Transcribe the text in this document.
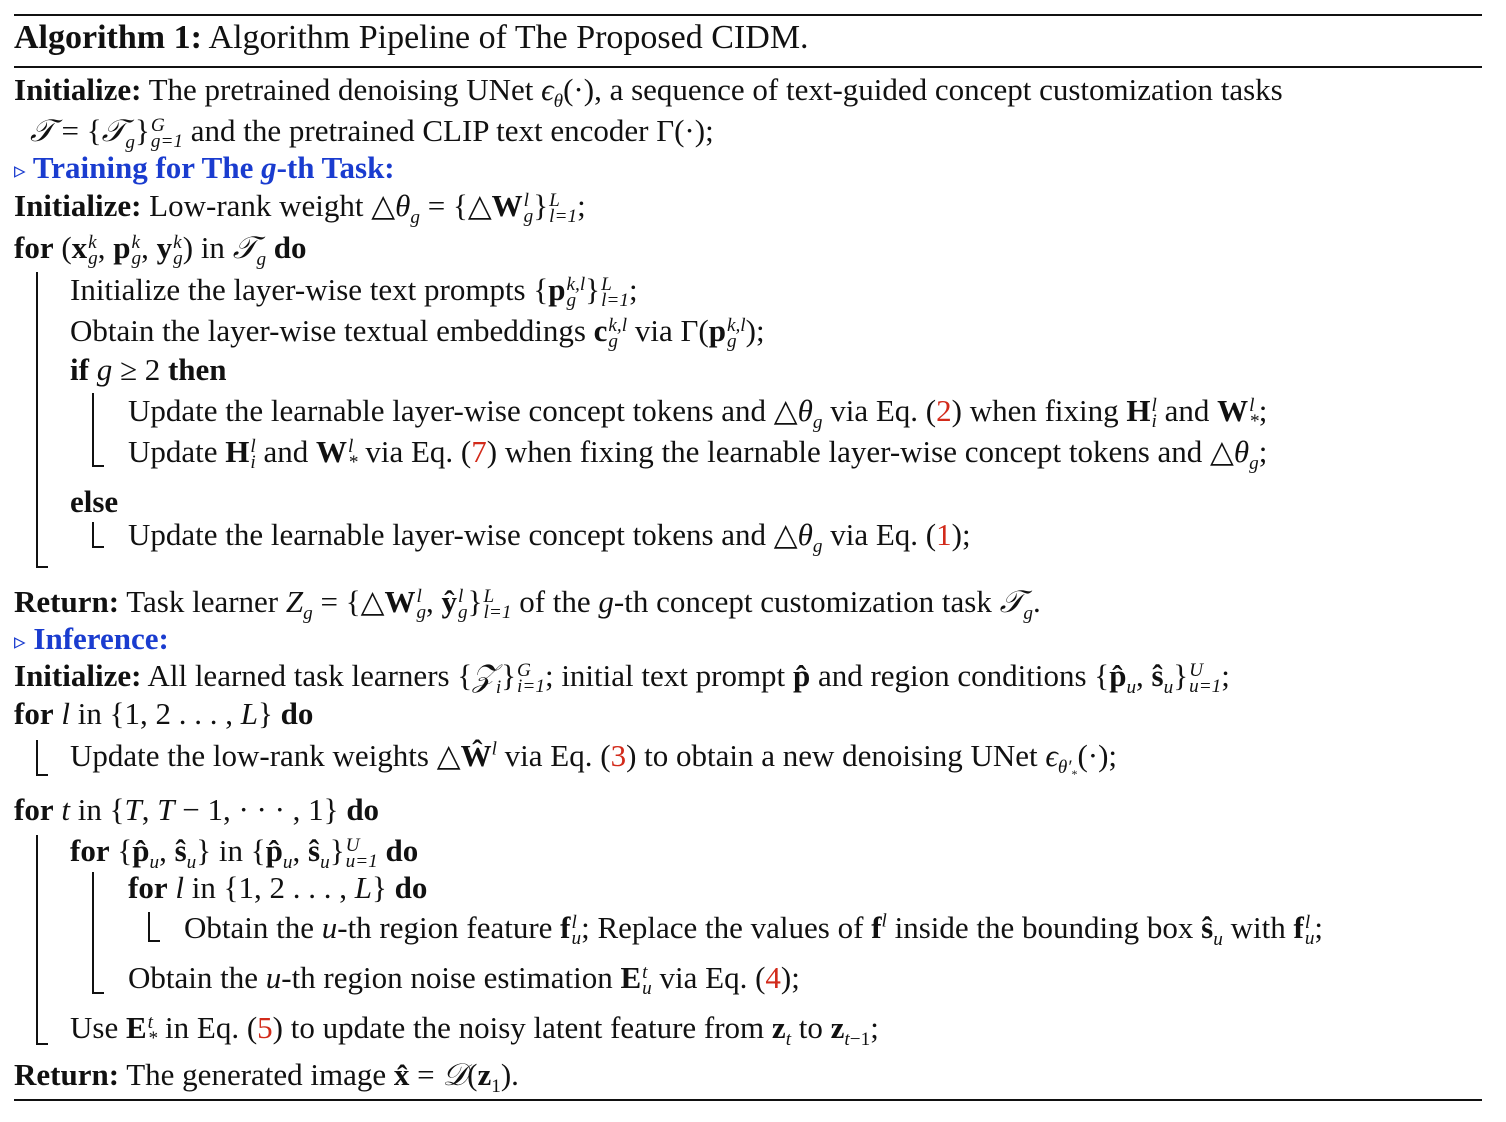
Algorithm 1: Algorithm Pipeline of The Proposed CIDM.
Initialize: The pretrained denoising UNet $\epsilon_\theta(\cdot)$, a sequence of text-guided concept customization tasks
𝒯 = {𝒯$_g$} G
g=1 and the pretrained CLIP text encoder Γ(·);
▹ Training for The g-th Task:
Initialize: Low-rank weight $\triangle\theta_g$ = {△W l
g } L
l=1 ;
for (x k
g , p k
g , y k
g ) in 𝒯$_g$ do
Initialize the layer-wise text prompts {p k,l
g } L
l=1 ;
Obtain the layer-wise textual embeddings c k,l
g via Γ(p k,l
g );
if g ≥ 2 then
Update the learnable layer-wise concept tokens and $\triangle\theta_g$ via Eq. (2) when fixing H l
i and W l
* ;
Update H l
i and W l
* via Eq. (7) when fixing the learnable layer-wise concept tokens and $\triangle\theta_g$;
else
Update the learnable layer-wise concept tokens and $\triangle\theta_g$ via Eq. (1);
Return: Task learner $Z_g$ = {△W l
g , ŷ l
g } L
l=1 of the g-th concept customization task 𝒯$_g$.
▹ Inference:
Initialize: All learned task learners {𝒵$_i$} G
i=1 ; initial text prompt p̂ and region conditions {$p̂_u$, $ŝ_u$} U
u=1 ;
for l in {1, 2 . . . , L} do
Update the low-rank weights $\triangle Ŵ^l$ via Eq. (3) to obtain a new denoising UNet $\epsilon_{\theta'_*}(\cdot)$;
for t in {T, T − 1, · · · , 1} do
for {$p̂_u$, $ŝ_u$} in {$p̂_u$, $ŝ_u$} U
u=1 do
for l in {1, 2 . . . , L} do
Obtain the u-th region feature f l
u ; Replace the values of $f^l$ inside the bounding box $ŝ_u$ with f l
u ;
Obtain the u-th region noise estimation E t
u via Eq. (4);
Use E t
* in Eq. (5) to update the noisy latent feature from $z_t$ to $z_{t-1}$;
Return: The generated image x̂ = $𝒟(z_1)$.
